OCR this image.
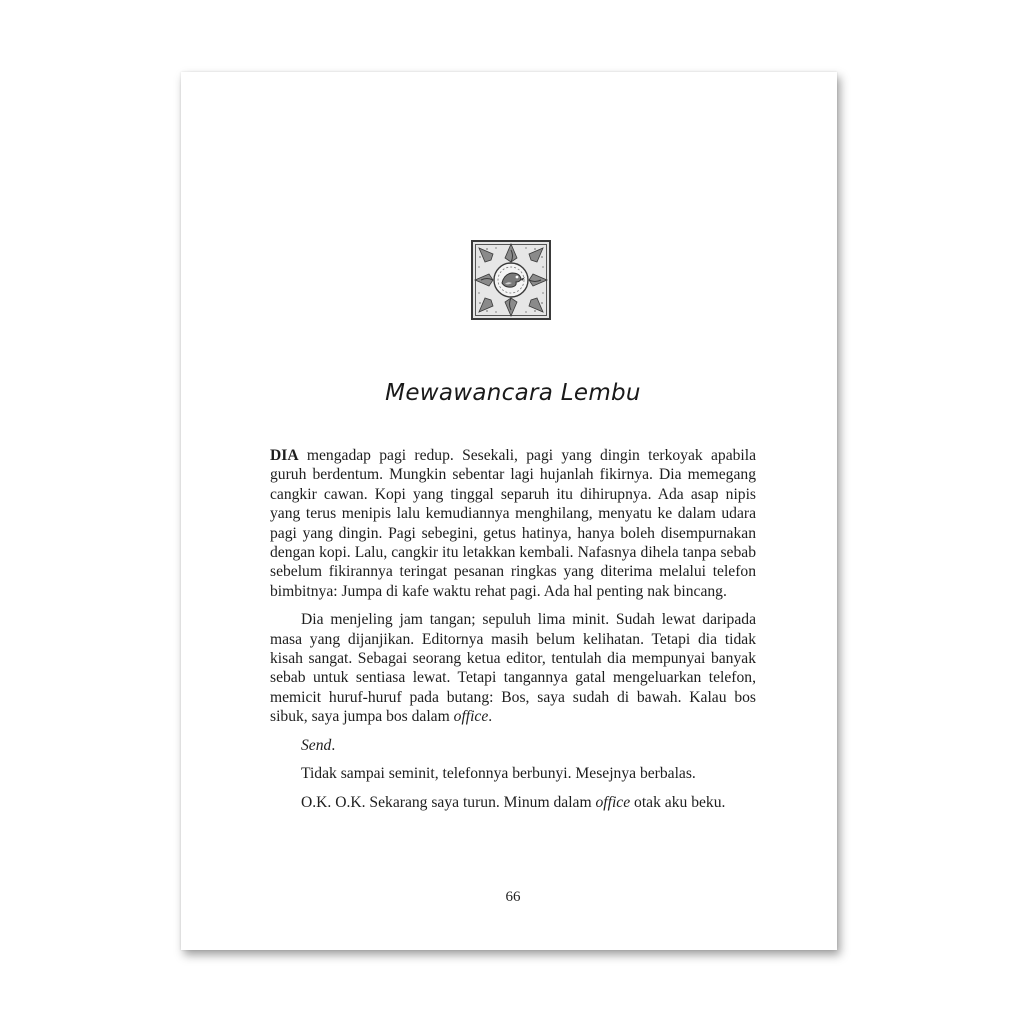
Mewawancara Lembu

DIA mengadap pagi redup. Sesekali, pagi yang dingin terkoyak apabila guruh berdentum. Mungkin sebentar lagi hujanlah fikirnya. Dia memegang cangkir cawan. Kopi yang tinggal separuh itu dihirupnya. Ada asap nipis yang terus menipis lalu kemudiannya menghilang, menyatu ke dalam udara pagi yang dingin. Pagi sebegini, getus hatinya, hanya boleh disempurnakan dengan kopi. Lalu, cangkir itu letakkan kembali. Nafasnya dihela tanpa sebab sebelum fikirannya teringat pesanan ringkas yang diterima melalui telefon bimbitnya: Jumpa di kafe waktu rehat pagi. Ada hal penting nak bincang.

Dia menjeling jam tangan; sepuluh lima minit. Sudah lewat daripada masa yang dijanjikan. Editornya masih belum kelihatan. Tetapi dia tidak kisah sangat. Sebagai seorang ketua editor, tentulah dia mempunyai banyak sebab untuk sentiasa lewat. Tetapi tangannya gatal mengeluarkan telefon, memicit huruf-huruf pada butang: Bos, saya sudah di bawah. Kalau bos sibuk, saya jumpa bos dalam office.

Send.

Tidak sampai seminit, telefonnya berbunyi. Mesejnya berbalas.

O.K. O.K. Sekarang saya turun. Minum dalam office otak aku beku.

66
